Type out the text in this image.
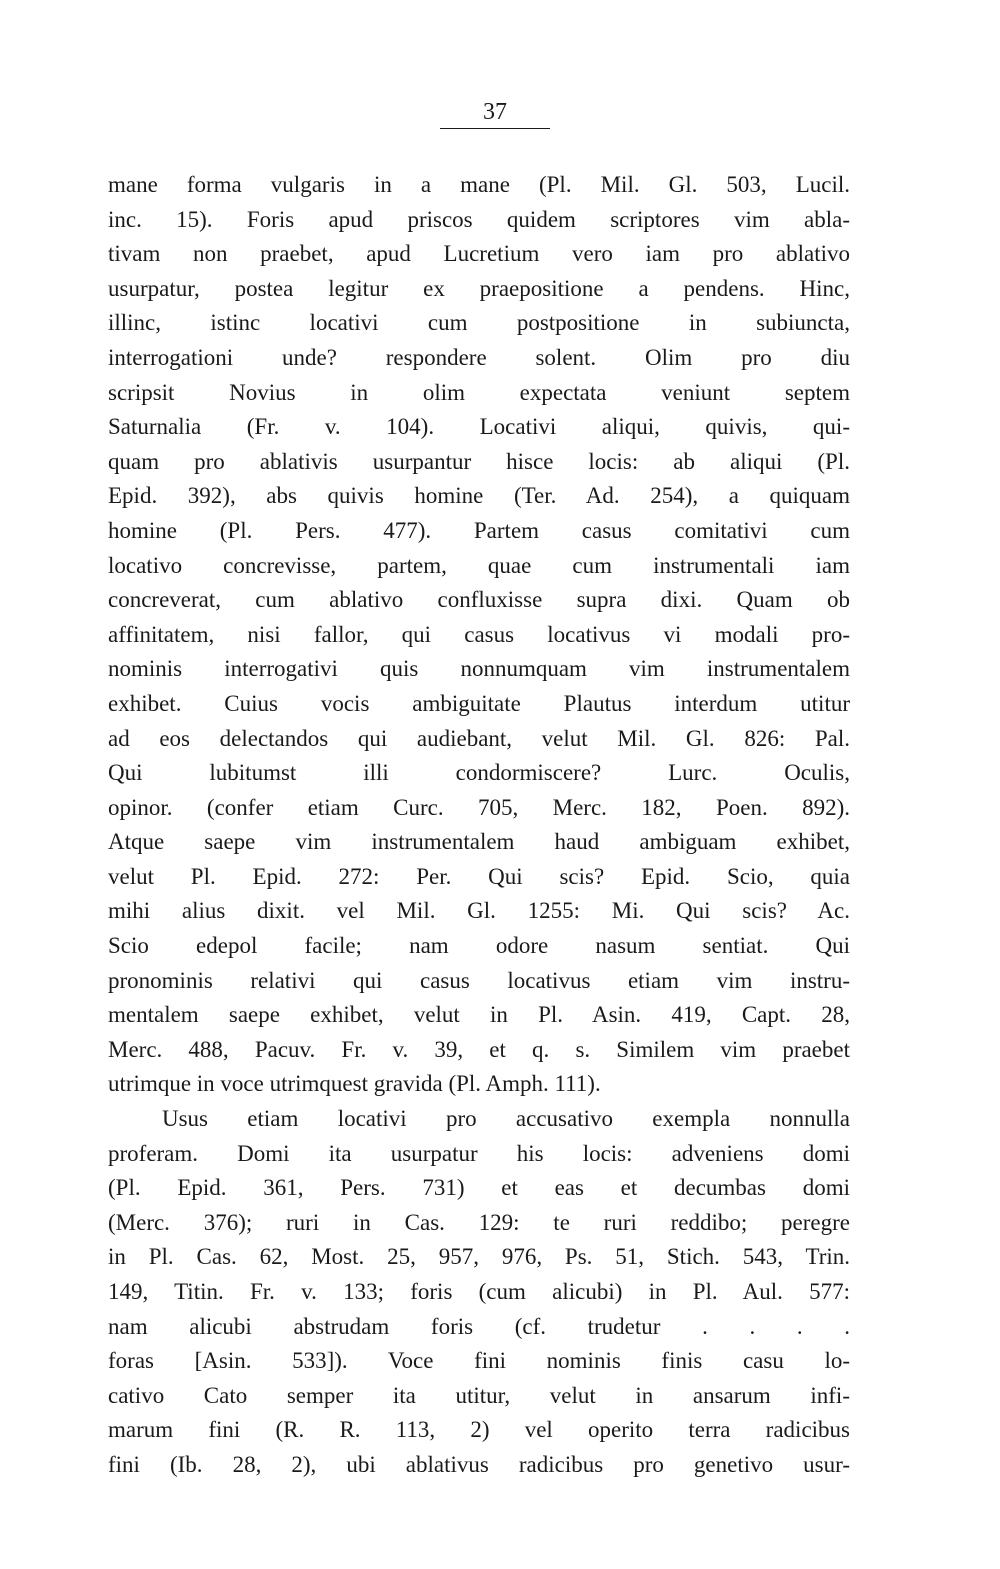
37
mane forma vulgaris in a mane (Pl. Mil. Gl. 503, Lucil.
inc. 15). Foris apud priscos quidem scriptores vim abla-
tivam non praebet, apud Lucretium vero iam pro ablativo
usurpatur, postea legitur ex praepositione a pendens. Hinc,
illinc, istinc locativi cum postpositione in subiuncta,
interrogationi unde? respondere solent. Olim pro diu
scripsit Novius in olim expectata veniunt septem
Saturnalia (Fr. v. 104). Locativi aliqui, quivis, qui-
quam pro ablativis usurpantur hisce locis: ab aliqui (Pl.
Epid. 392), abs quivis homine (Ter. Ad. 254), a quiquam
homine (Pl. Pers. 477). Partem casus comitativi cum
locativo concrevisse, partem, quae cum instrumentali iam
concreverat, cum ablativo confluxisse supra dixi. Quam ob
affinitatem, nisi fallor, qui casus locativus vi modali pro-
nominis interrogativi quis nonnumquam vim instrumentalem
exhibet. Cuius vocis ambiguitate Plautus interdum utitur
ad eos delectandos qui audiebant, velut Mil. Gl. 826: Pal.
Qui lubitumst illi condormiscere? Lurc. Oculis,
opinor. (confer etiam Curc. 705, Merc. 182, Poen. 892).
Atque saepe vim instrumentalem haud ambiguam exhibet,
velut Pl. Epid. 272: Per. Qui scis? Epid. Scio, quia
mihi alius dixit. vel Mil. Gl. 1255: Mi. Qui scis? Ac.
Scio edepol facile; nam odore nasum sentiat. Qui
pronominis relativi qui casus locativus etiam vim instru-
mentalem saepe exhibet, velut in Pl. Asin. 419, Capt. 28,
Merc. 488, Pacuv. Fr. v. 39, et q. s. Similem vim praebet
utrimque in voce utrimquest gravida (Pl. Amph. 111).
Usus etiam locativi pro accusativo exempla nonnulla
proferam. Domi ita usurpatur his locis: adveniens domi
(Pl. Epid. 361, Pers. 731) et eas et decumbas domi
(Merc. 376); ruri in Cas. 129: te ruri reddibo; peregre
in Pl. Cas. 62, Most. 25, 957, 976, Ps. 51, Stich. 543, Trin.
149, Titin. Fr. v. 133; foris (cum alicubi) in Pl. Aul. 577:
nam alicubi abstrudam foris (cf. trudetur . . . .
foras [Asin. 533]). Voce fini nominis finis casu lo-
cativo Cato semper ita utitur, velut in ansarum infi-
marum fini (R. R. 113, 2) vel operito terra radicibus
fini (Ib. 28, 2), ubi ablativus radicibus pro genetivo usur-
